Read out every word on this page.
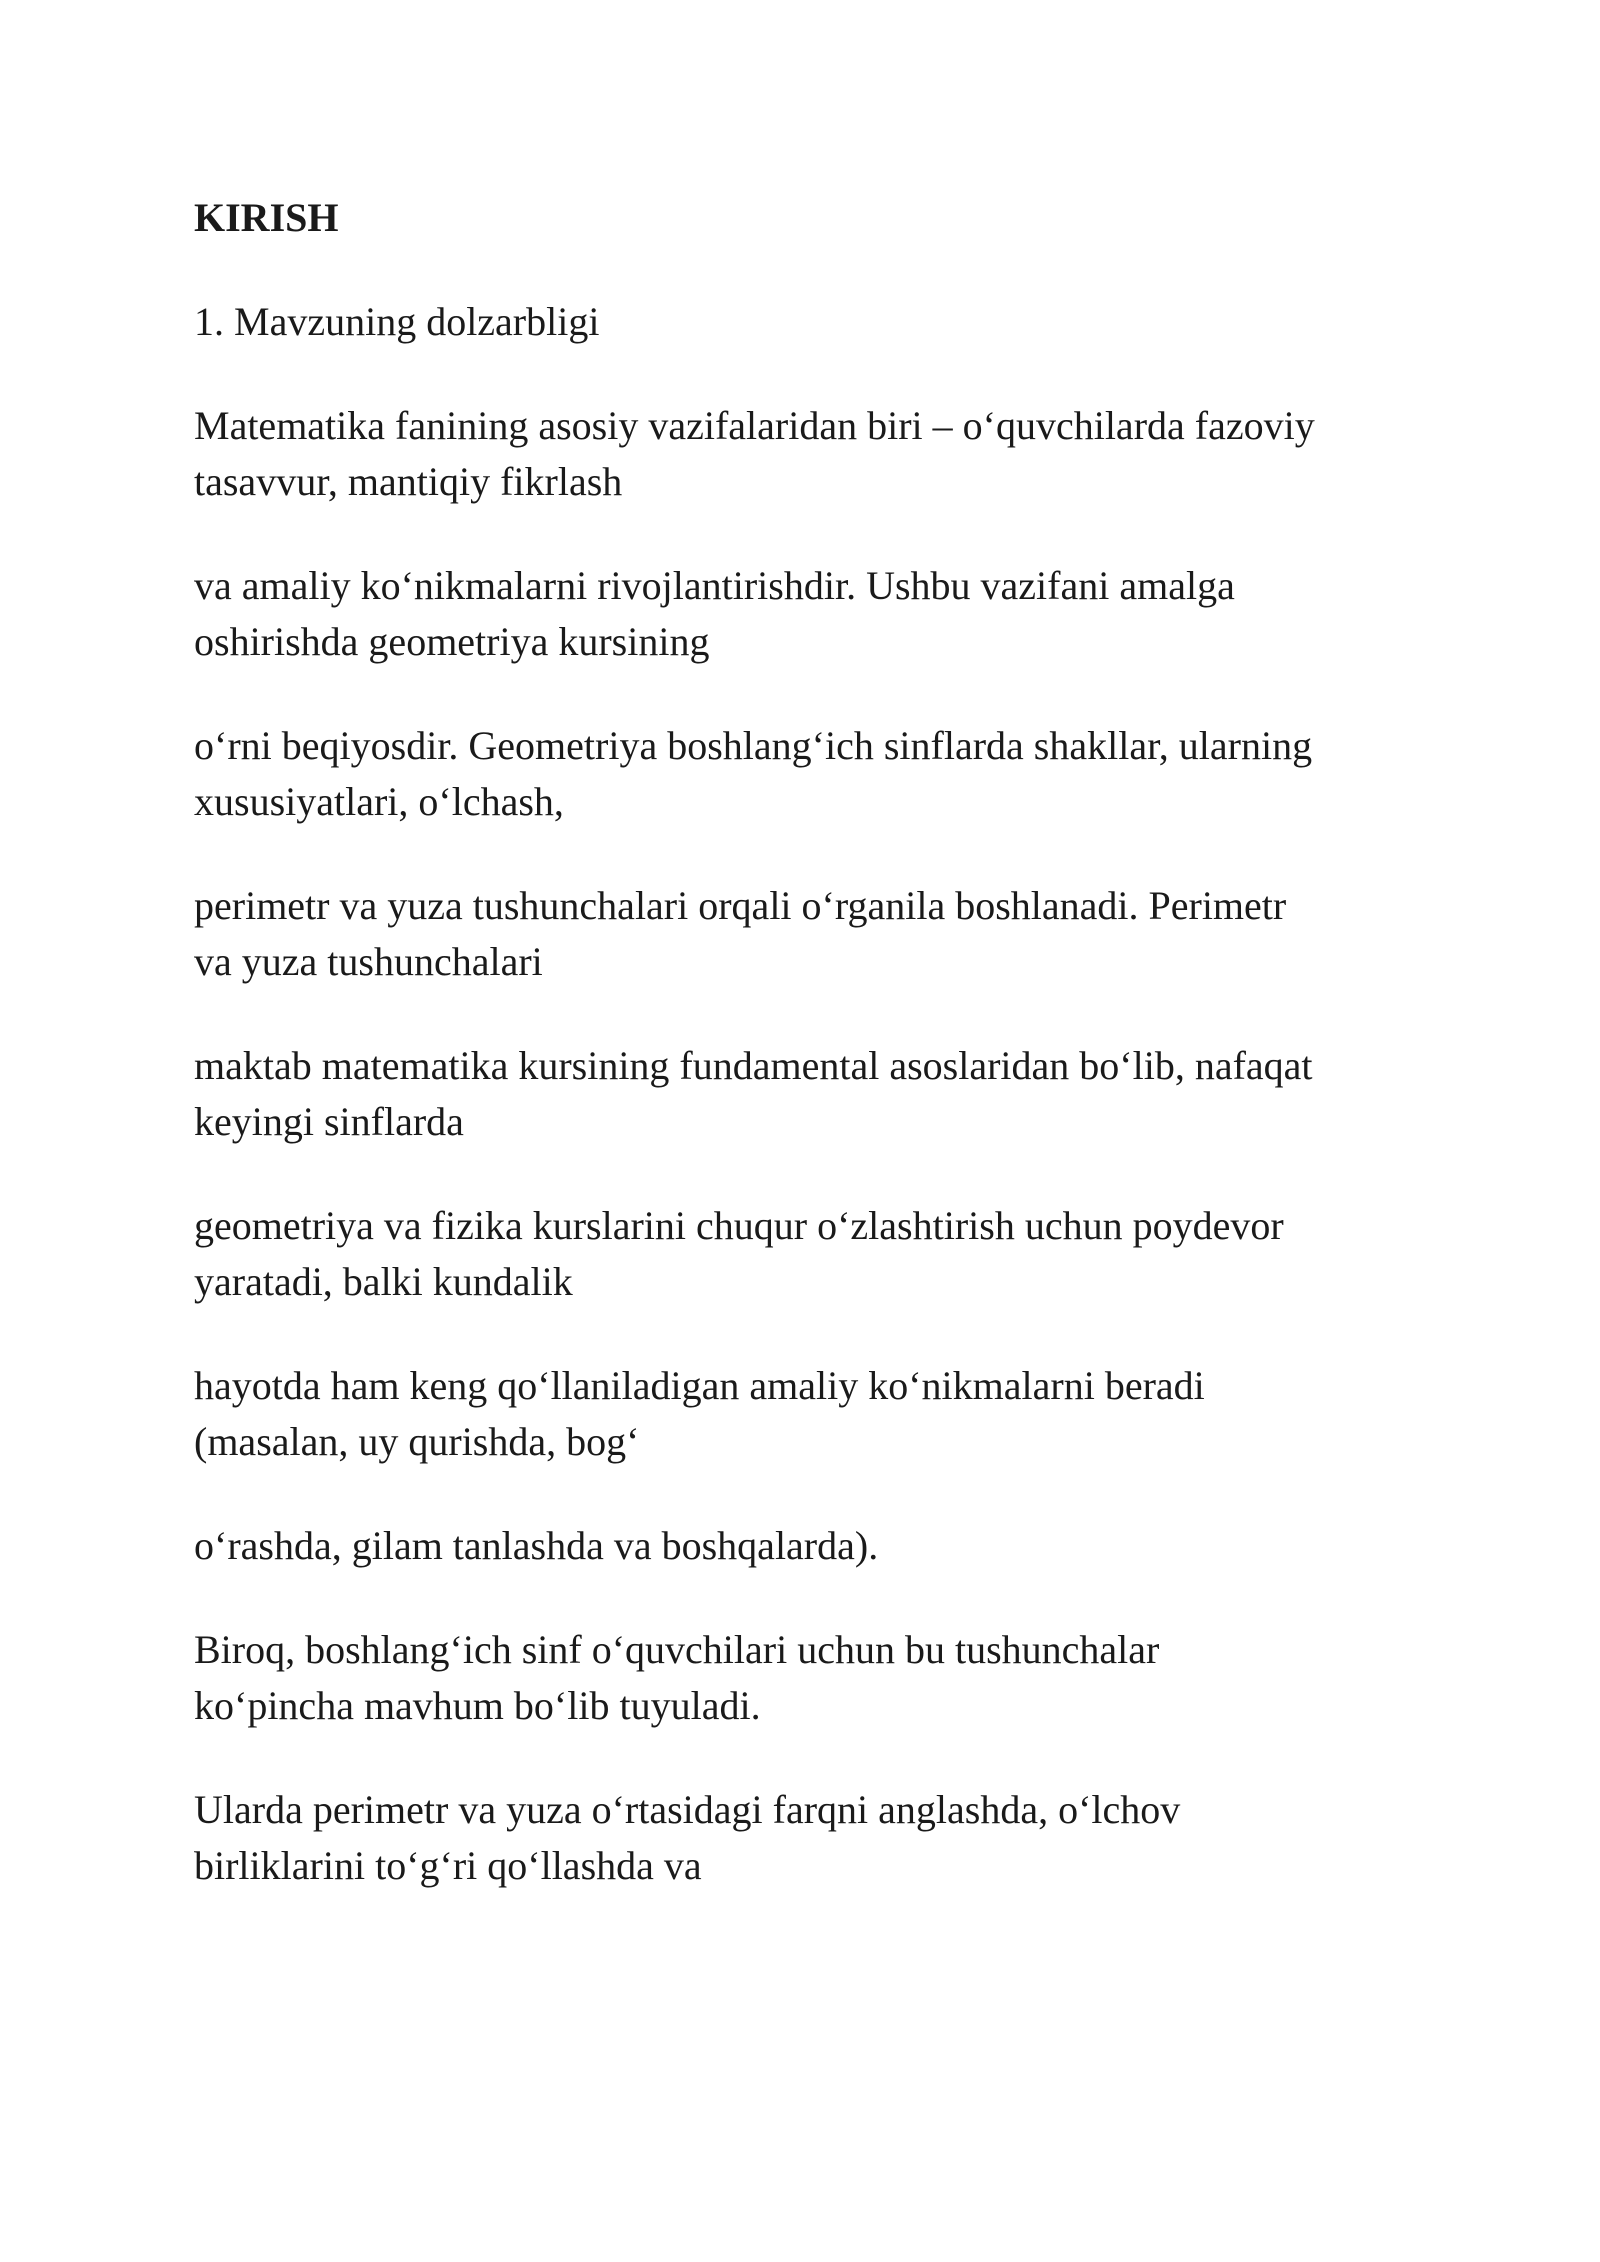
KIRISH
1. Mavzuning dolzarbligi
Matematika fanining asosiy vazifalaridan biri – o‘quvchilarda fazoviy
tasavvur, mantiqiy fikrlash
va amaliy ko‘nikmalarni rivojlantirishdir. Ushbu vazifani amalga
oshirishda geometriya kursining
o‘rni beqiyosdir. Geometriya boshlang‘ich sinflarda shakllar, ularning
xususiyatlari, o‘lchash,
perimetr va yuza tushunchalari orqali o‘rganila boshlanadi. Perimetr
va yuza tushunchalari
maktab matematika kursining fundamental asoslaridan bo‘lib, nafaqat
keyingi sinflarda
geometriya va fizika kurslarini chuqur o‘zlashtirish uchun poydevor
yaratadi, balki kundalik
hayotda ham keng qo‘llaniladigan amaliy ko‘nikmalarni beradi
(masalan, uy qurishda, bog‘
o‘rashda, gilam tanlashda va boshqalarda).
Biroq, boshlang‘ich sinf o‘quvchilari uchun bu tushunchalar
ko‘pincha mavhum bo‘lib tuyuladi.
Ularda perimetr va yuza o‘rtasidagi farqni anglashda, o‘lchov
birliklarini to‘g‘ri qo‘llashda va
